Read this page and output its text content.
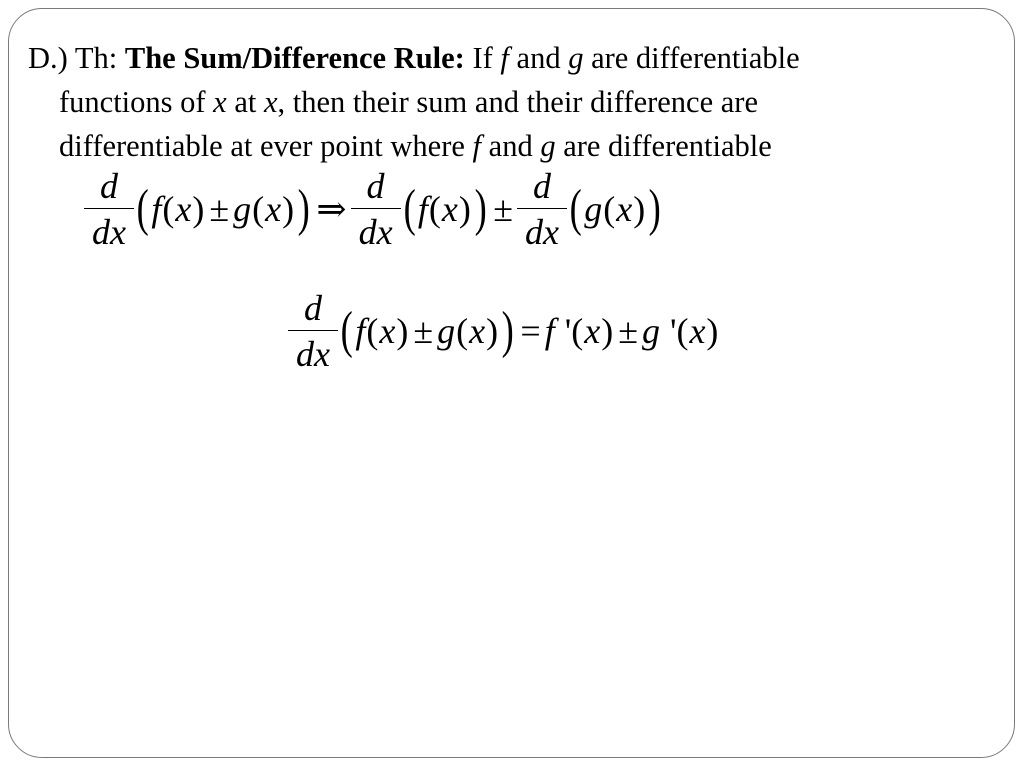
D.) Th: The Sum/Difference Rule: If f and g are differentiable
functions of x at x, then their sum and their difference are
differentiable at ever point where f and g are differentiable
$\frac{d}{dx}$ ( f ( x ) ± g ( x ) ) ⇒ $\frac{d}{dx}$ ( f ( x ) ) ± $\frac{d}{dx}$ ( g ( x ) )
$\frac{d}{dx}$ ( f ( x ) ± g ( x ) ) = f
'( x ) ± g
'( x )
